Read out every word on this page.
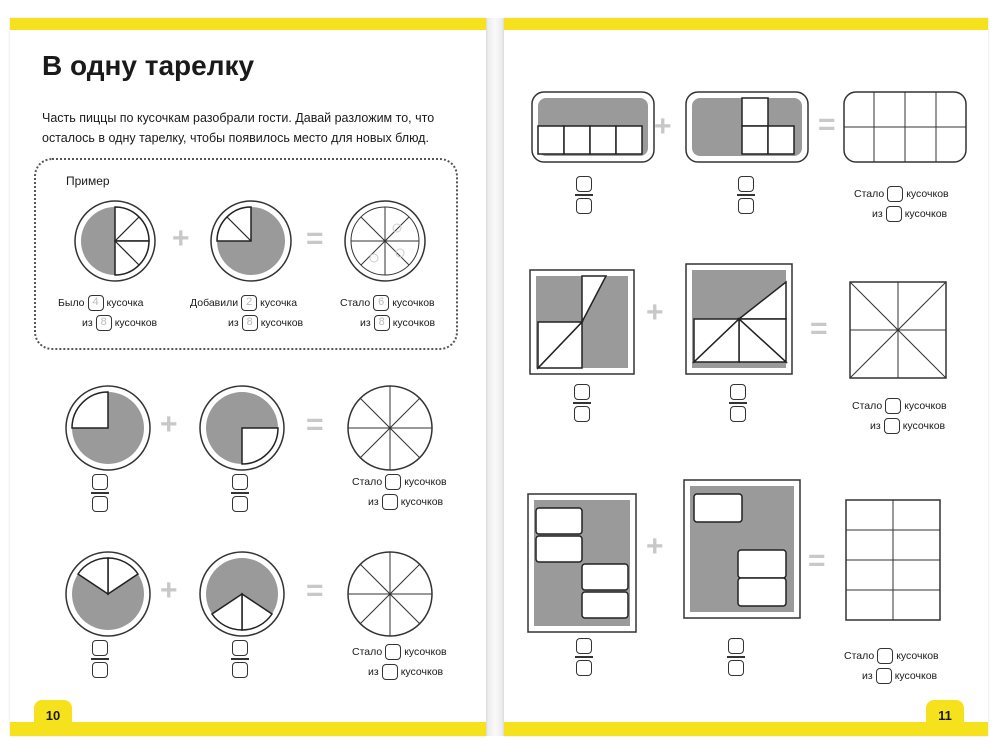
10
В одну тарелку
Часть пиццы по кусочкам разобрали гости. Давай разложим то, что осталось в одну тарелку, чтобы появилось место для новых блюд.
Пример
+	=
Было 4 кусочка
из 8 кусочков
Добавили 2 кусочка
из 8 кусочков
Стало 6 кусочков
из 8 кусочков
+	=
Стало кусочков
из кусочков
+	=
Стало кусочков
из кусочков
11
+	=
Стало кусочков
из кусочков
+	=
Стало кусочков
из кусочков
+	=
Стало кусочков
из кусочков
